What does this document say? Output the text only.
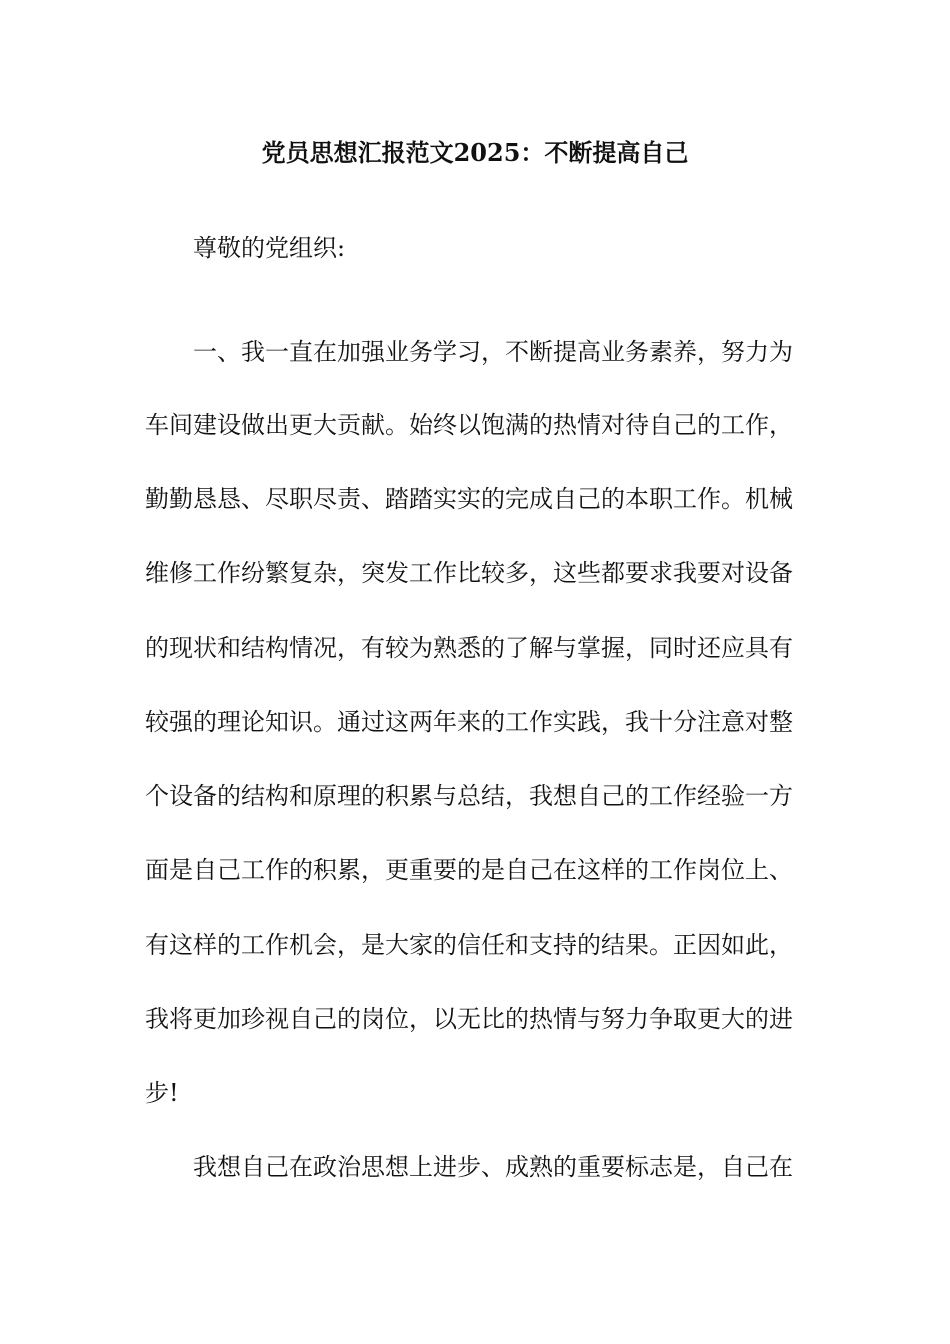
党员思想汇报范文2025：不断提高自己
尊敬的党组织:
一、我一直在加强业务学习，不断提高业务素养，努力为
车间建设做出更大贡献。始终以饱满的热情对待自己的工作，
勤勤恳恳、尽职尽责、踏踏实实的完成自己的本职工作。机械
维修工作纷繁复杂，突发工作比较多，这些都要求我要对设备
的现状和结构情况，有较为熟悉的了解与掌握，同时还应具有
较强的理论知识。通过这两年来的工作实践，我十分注意对整
个设备的结构和原理的积累与总结，我想自己的工作经验一方
面是自己工作的积累，更重要的是自己在这样的工作岗位上、
有这样的工作机会，是大家的信任和支持的结果。正因如此，
我将更加珍视自己的岗位，以无比的热情与努力争取更大的进
步!
我想自己在政治思想上进步、成熟的重要标志是，自己在
